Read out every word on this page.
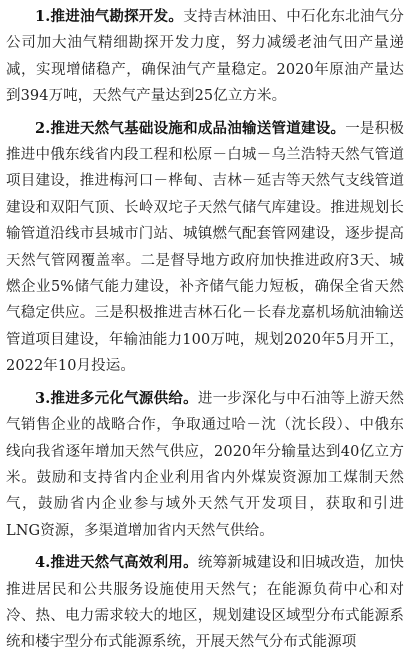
1.推进油气勘探开发。支持吉林油田、中石化东北油气分公司加大油气精细勘探开发力度，努力减缓老油气田产量递减，实现增储稳产，确保油气产量稳定。2020年原油产量达到394万吨，天然气产量达到25亿立方米。

2.推进天然气基础设施和成品油输送管道建设。一是积极推进中俄东线省内段工程和松原－白城－乌兰浩特天然气管道项目建设，推进梅河口－桦甸、吉林－延吉等天然气支线管道建设和双阳气顶、长岭双坨子天然气储气库建设。推进规划长输管道沿线市县城市门站、城镇燃气配套管网建设，逐步提高天然气管网覆盖率。二是督导地方政府加快推进政府3天、城燃企业5%储气能力建设，补齐储气能力短板，确保全省天然气稳定供应。三是积极推进吉林石化－长春龙嘉机场航油输送管道项目建设，年输油能力100万吨，规划2020年5月开工，2022年10月投运。

3.推进多元化气源供给。进一步深化与中石油等上游天然气销售企业的战略合作，争取通过哈－沈（沈长段）、中俄东线向我省逐年增加天然气供应，2020年分输量达到40亿立方米。鼓励和支持省内企业利用省内外煤炭资源加工煤制天然气，鼓励省内企业参与域外天然气开发项目，获取和引进LNG资源，多渠道增加省内天然气供给。

4.推进天然气高效利用。统筹新城建设和旧城改造，加快推进居民和公共服务设施使用天然气；在能源负荷中心和对冷、热、电力需求较大的地区，规划建设区域型分布式能源系统和楼宇型分布式能源系统，开展天然气分布式能源项
